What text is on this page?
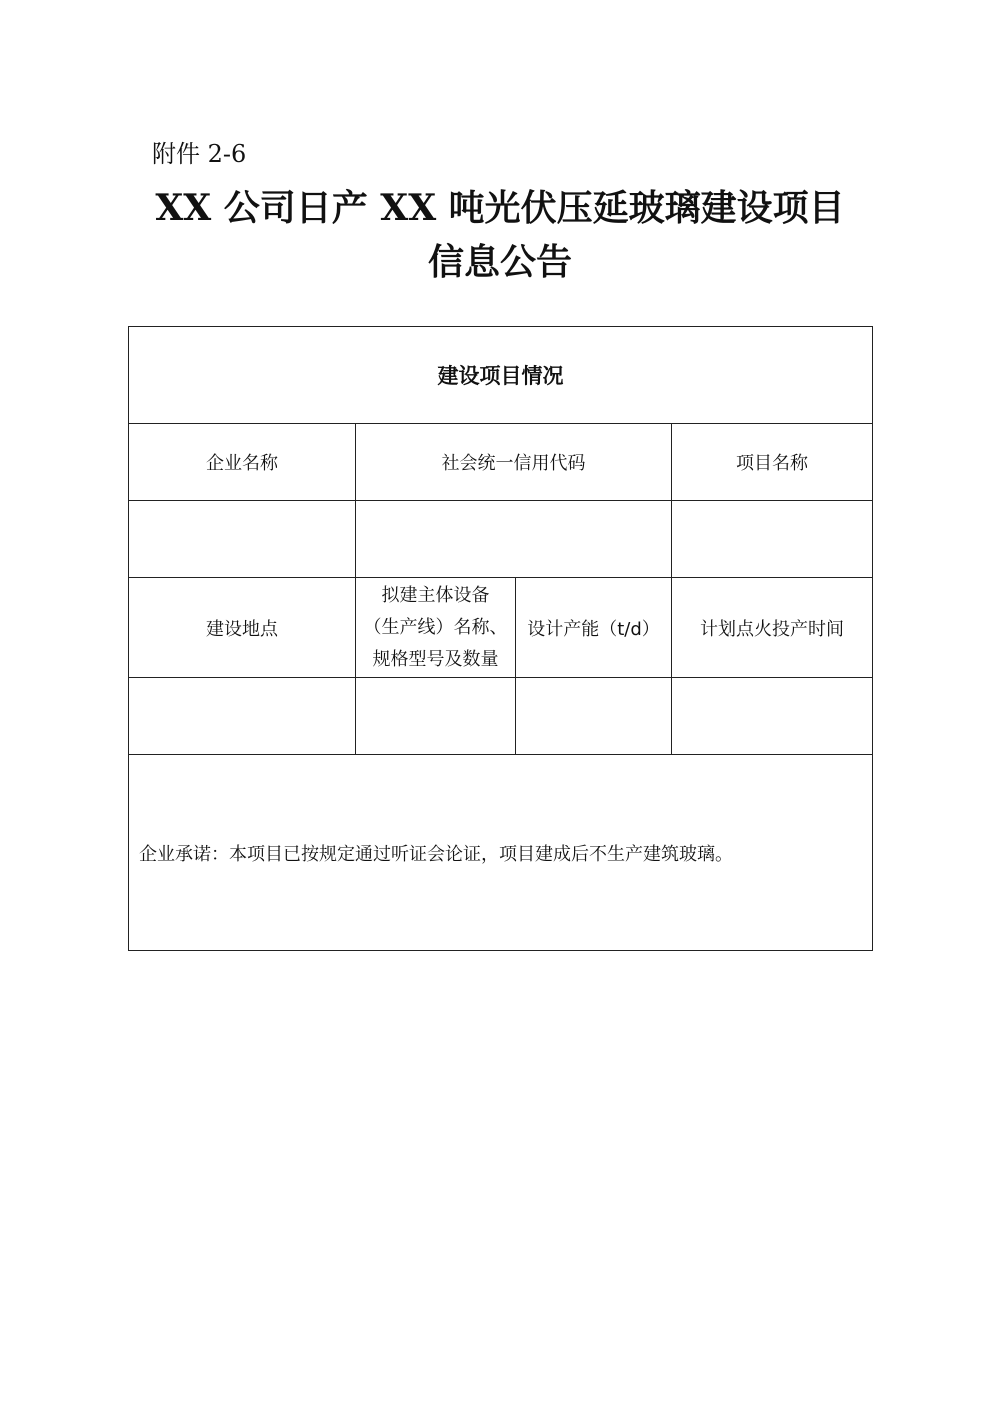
附件 2-6
XX 公司日产 XX 吨光伏压延玻璃建设项目
信息公告
建设项目情况			
企业名称	社会统一信用代码		项目名称

建设地点	拟建主体设备
（生产线）名称、
规格型号及数量	设计产能（t/d）	计划点火投产时间

企业承诺：本项目已按规定通过听证会论证，项目建成后不生产建筑玻璃。			
